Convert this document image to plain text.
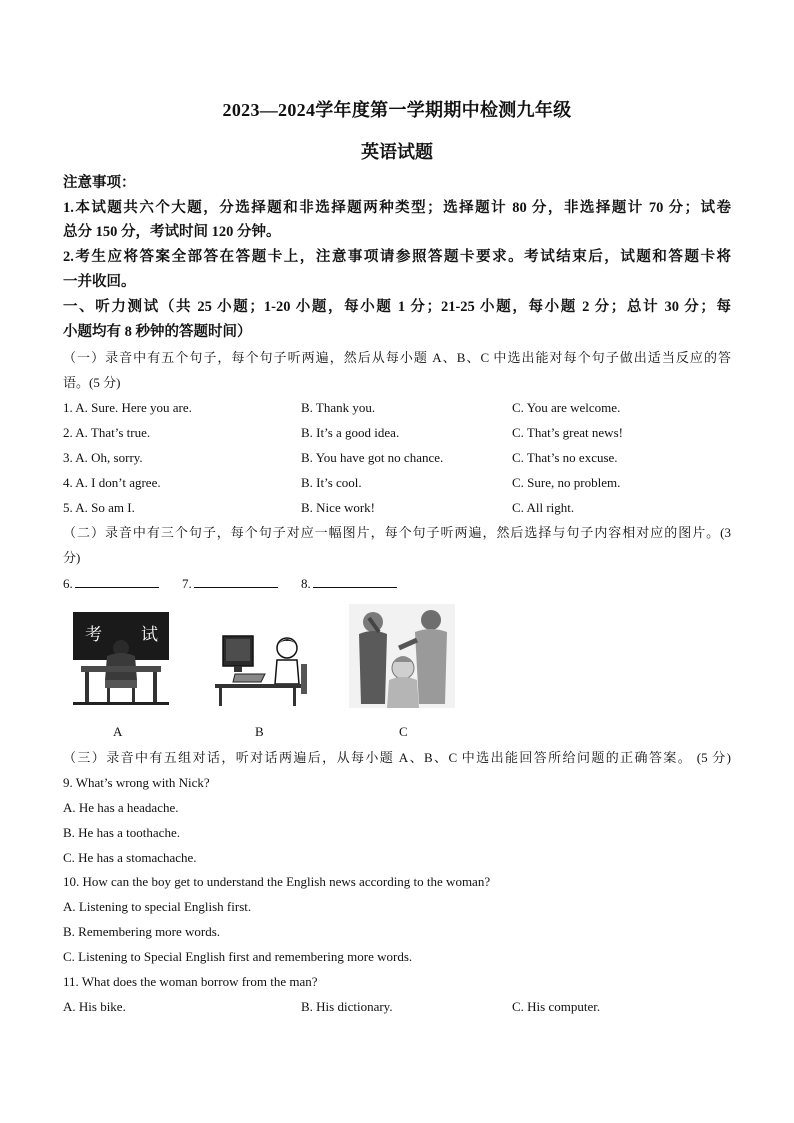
2023—2024学年度第一学期期中检测九年级
英语试题
注意事项：
1.本试题共六个大题，分选择题和非选择题两种类型；选择题计 80 分，非选择题计 70 分；试卷
总分 150 分，考试时间 120 分钟。
2.考生应将答案全部答在答题卡上，注意事项请参照答题卡要求。考试结束后，试题和答题卡将
一并收回。
一、听力测试（共 25 小题；1-20 小题，每小题 1 分；21-25 小题，每小题 2 分；总计 30 分；每
小题均有 8 秒钟的答题时间）
（一）录音中有五个句子，每个句子听两遍，然后从每小题 A、B、C 中选出能对每个句子做出适当反应的答
语。(5 分)
1. A. Sure. Here you are.	B. Thank you.	C. You are welcome.
2. A. That’s true.	B. It’s a good idea.	C. That’s great news!
3. A. Oh, sorry.	B. You have got no chance.	C. That’s no excuse.
4. A. I don’t agree.	B. It’s cool.	C. Sure, no problem.
5. A. So am I.	B. Nice work!	C. All right.
（二）录音中有三个句子，每个句子对应一幅图片，每个句子听两遍，然后选择与句子内容相对应的图片。(3
分)
6.	7.	8.
考 试
A	B	C
（三）录音中有五组对话，听对话两遍后，从每小题 A、B、C 中选出能回答所给问题的正确答案。 (5 分)
9. What’s wrong with Nick?
A. He has a headache.
B. He has a toothache.
C. He has a stomachache.
10. How can the boy get to understand the English news according to the woman?
A. Listening to special English first.
B. Remembering more words.
C. Listening to Special English first and remembering more words.
11. What does the woman borrow from the man?
A. His bike.	B. His dictionary.	C. His computer.
